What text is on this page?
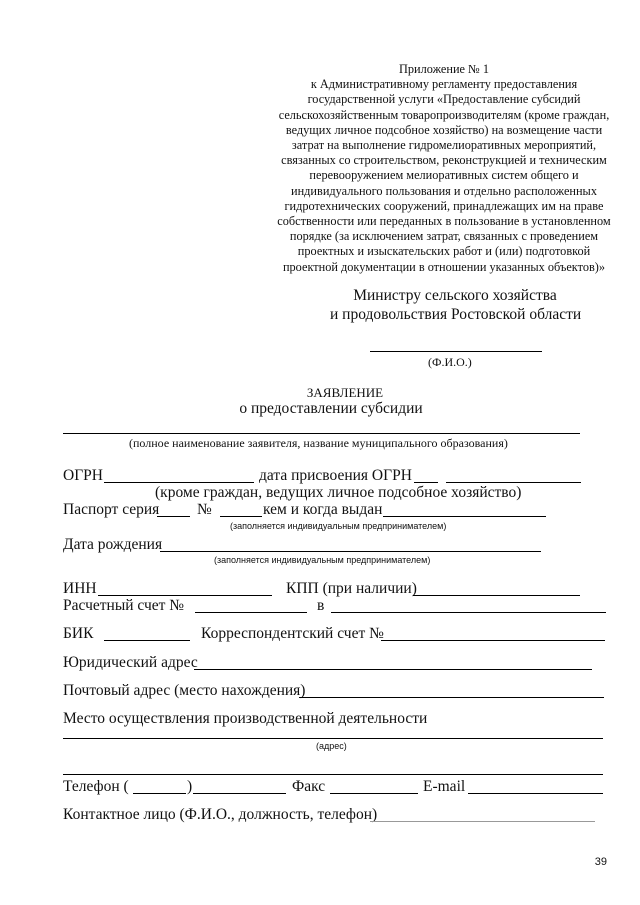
Приложение № 1
к Административному регламенту предоставления
государственной услуги «Предоставление субсидий
сельскохозяйственным товаропроизводителям (кроме граждан,
ведущих личное подсобное хозяйство) на возмещение части
затрат на выполнение гидромелиоративных мероприятий,
связанных со строительством, реконструкцией и техническим
перевооружением мелиоративных систем общего и
индивидуального пользования и отдельно расположенных
гидротехнических сооружений, принадлежащих им на праве
собственности или переданных в пользование в установленном
порядке (за исключением затрат, связанных с проведением
проектных и изыскательских работ и (или) подготовкой
проектной документации в отношении указанных объектов)»
Министру сельского хозяйства
и продовольствия Ростовской области
(Ф.И.О.)
ЗАЯВЛЕНИЕ
о предоставлении субсидии
(полное наименование заявителя, название муниципального образования)
ОГРН	дата присвоения ОГРН
(кроме граждан, ведущих личное подсобное хозяйство)
Паспорт серия №	кем и когда выдан
(заполняется индивидуальным предпринимателем)
Дата рождения
(заполняется индивидуальным предпринимателем)
ИНН	КПП (при наличии)
Расчетный счет №	в
БИК	Корреспондентский счет №
Юридический адрес
Почтовый адрес (место нахождения)
Место осуществления производственной деятельности
(адрес)
Телефон (	)	Факс	E-mail
Контактное лицо (Ф.И.О., должность, телефон)
39
